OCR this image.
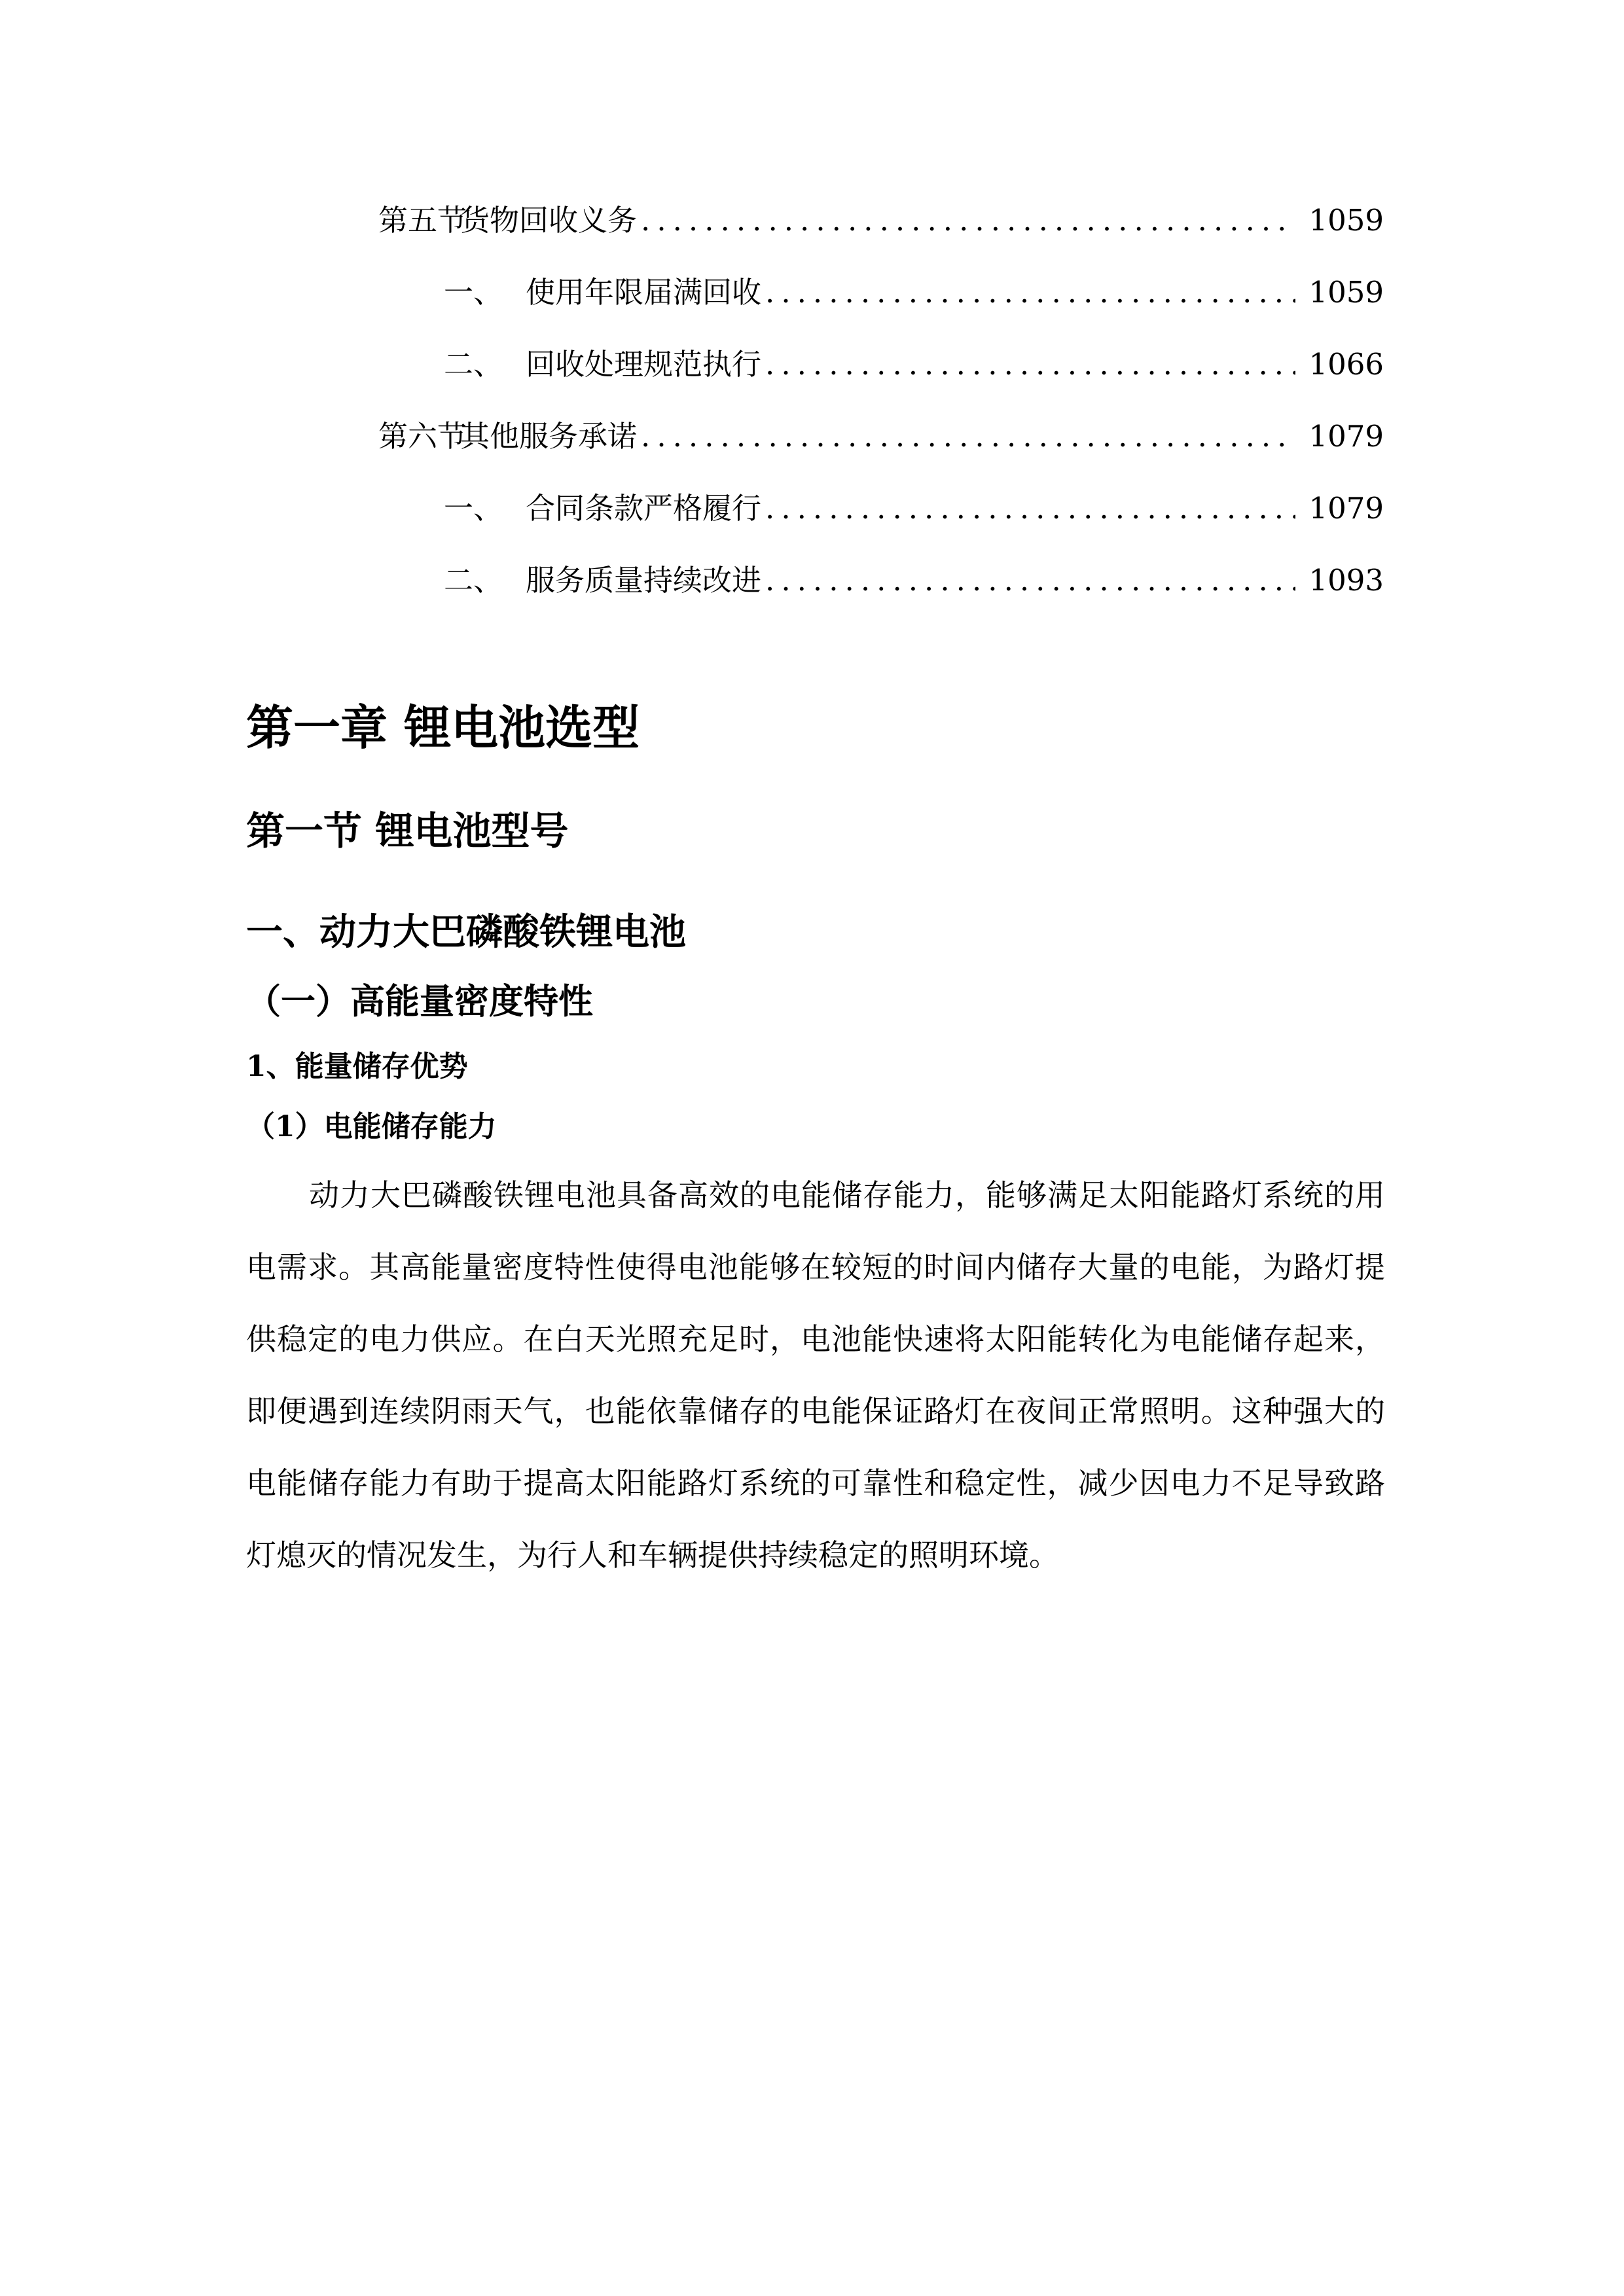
第五节货物回收义务 .....	1059
一、 使用年限届满回收 .....	1059
二、 回收处理规范执行 .....	1066
第六节其他服务承诺 .....	1079
一、 合同条款严格履行 .....	1079
二、 服务质量持续改进 .....	1093
第一章 锂电池选型
第一节 锂电池型号
一、动力大巴磷酸铁锂电池
（一）高能量密度特性
1、能量储存优势
（1）电能储存能力

动力大巴磷酸铁锂电池具备高效的电能储存能力，能够满足太阳能路灯系统的用电需求。其高能量密度特性使得电池能够在较短的时间内储存大量的电能，为路灯提供稳定的电力供应。在白天光照充足时，电池能快速将太阳能转化为电能储存起来，即便遇到连续阴雨天气，也能依靠储存的电能保证路灯在夜间正常照明。这种强大的电能储存能力有助于提高太阳能路灯系统的可靠性和稳定性，减少因电力不足导致路灯熄灭的情况发生，为行人和车辆提供持续稳定的照明环境。
